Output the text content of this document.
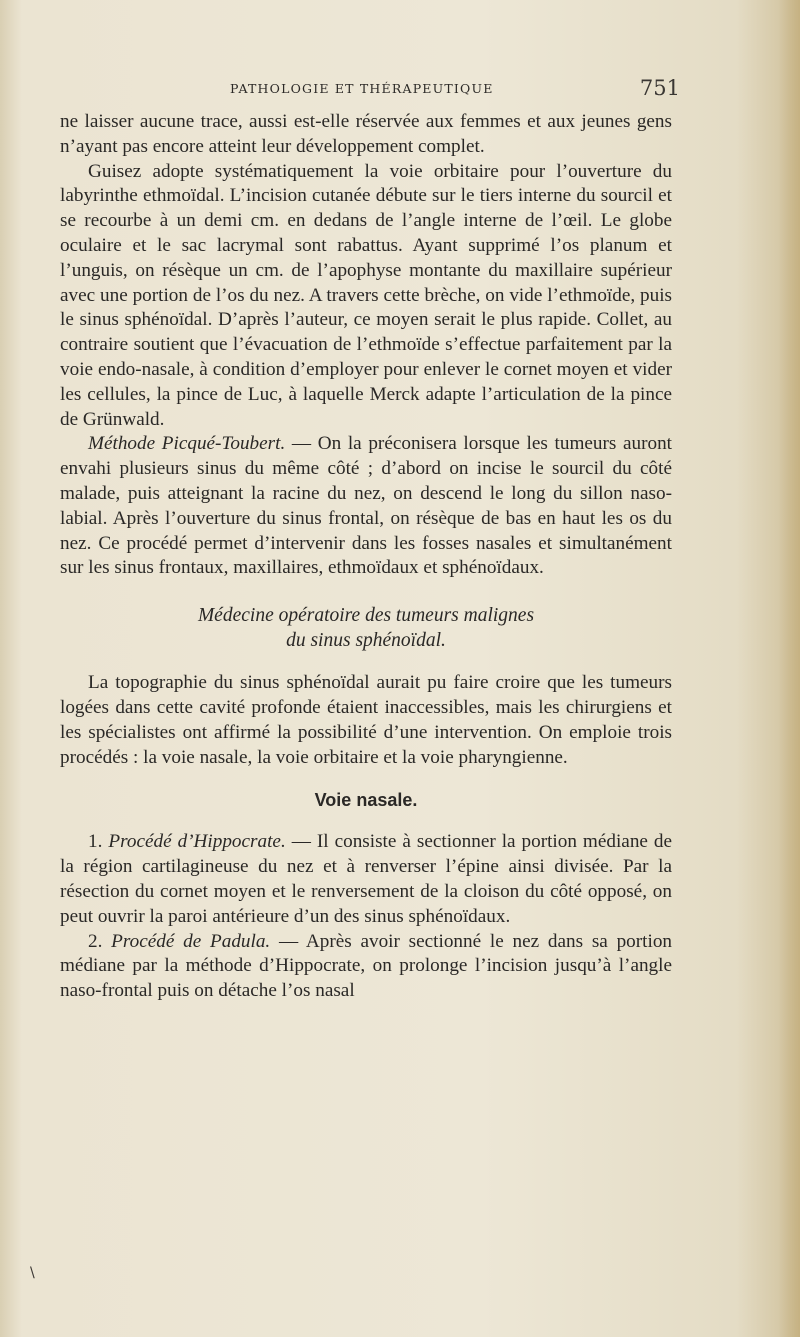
PATHOLOGIE ET THÉRAPEUTIQUE	751

ne laisser aucune trace, aussi est-elle réservée aux femmes et aux jeunes gens n’ayant pas encore atteint leur développement complet.

Guisez adopte systématiquement la voie orbitaire pour l’ouverture du labyrinthe ethmoïdal. L’incision cutanée débute sur le tiers interne du sourcil et se recourbe à un demi cm. en dedans de l’angle interne de l’œil. Le globe oculaire et le sac lacrymal sont rabattus. Ayant supprimé l’os planum et l’unguis, on résèque un cm. de l’apophyse montante du maxillaire supérieur avec une portion de l’os du nez. A travers cette brèche, on vide l’ethmoïde, puis le sinus sphénoïdal. D’après l’auteur, ce moyen serait le plus rapide. Collet, au contraire soutient que l’évacuation de l’ethmoïde s’effectue parfaitement par la voie endo-nasale, à condition d’employer pour enlever le cornet moyen et vider les cellules, la pince de Luc, à laquelle Merck adapte l’articulation de la pince de Grünwald.

Méthode Picqué-Toubert. — On la préconisera lorsque les tumeurs auront envahi plusieurs sinus du même côté ; d’abord on incise le sourcil du côté malade, puis atteignant la racine du nez, on descend le long du sillon naso-labial. Après l’ouverture du sinus frontal, on résèque de bas en haut les os du nez. Ce procédé permet d’intervenir dans les fosses nasales et simultanément sur les sinus frontaux, maxillaires, ethmoïdaux et sphénoïdaux.

Médecine opératoire des tumeurs malignes
du sinus sphénoïdal.

La topographie du sinus sphénoïdal aurait pu faire croire que les tumeurs logées dans cette cavité profonde étaient inaccessibles, mais les chirurgiens et les spécialistes ont affirmé la possibilité d’une intervention. On emploie trois procédés : la voie nasale, la voie orbitaire et la voie pharyngienne.

Voie nasale.

1. Procédé d’Hippocrate. — Il consiste à sectionner la portion médiane de la région cartilagineuse du nez et à renverser l’épine ainsi divisée. Par la résection du cornet moyen et le renversement de la cloison du côté opposé, on peut ouvrir la paroi antérieure d’un des sinus sphénoïdaux.

2. Procédé de Padula. — Après avoir sectionné le nez dans sa portion médiane par la méthode d’Hippocrate, on prolonge l’incision jusqu’à l’angle naso-frontal puis on détache l’os nasal

\
